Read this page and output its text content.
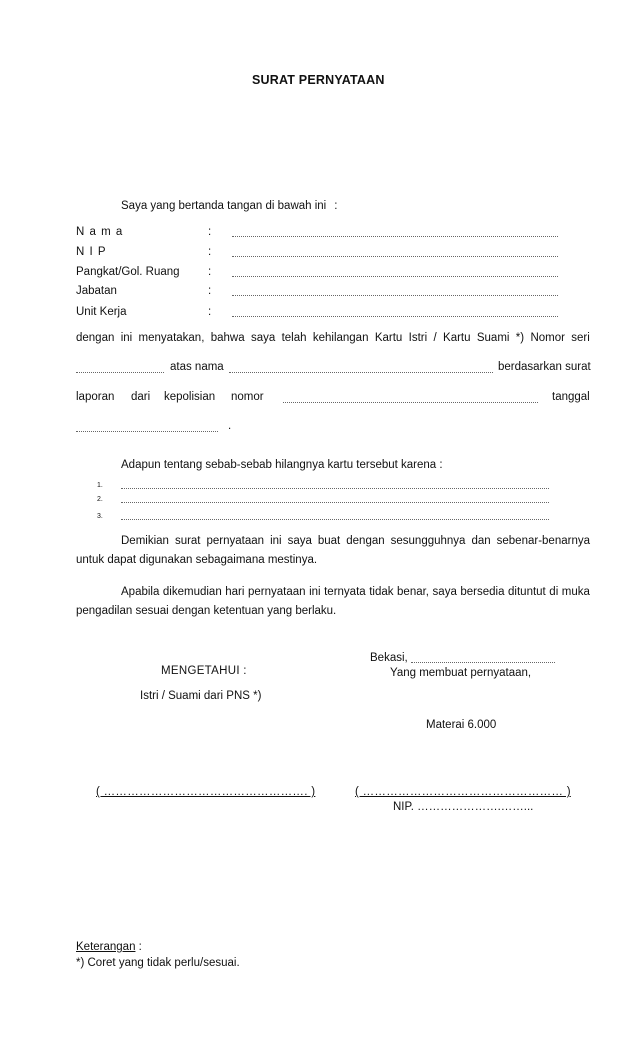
SURAT PERNYATAAN
Saya yang bertanda tangan di bawah ini :
N a m a	:
N I P	:
Pangkat/Gol. Ruang :
Jabatan	:
Unit Kerja	:
dengan ini menyatakan, bahwa saya telah kehilangan Kartu Istri / Kartu Suami *) Nomor seri
atas nama	berdasarkan surat
laporan dari kepolisian nomor	tanggal
.
Adapun tentang sebab-sebab hilangnya kartu tersebut karena :
1.
2.
3.
Demikian surat pernyataan ini saya buat dengan sesungguhnya dan sebenar-benarnya
untuk dapat digunakan sebagaimana mestinya.
Apabila dikemudian hari pernyataan ini ternyata tidak benar, saya bersedia dituntut di muka
pengadilan sesuai dengan ketentuan yang berlaku.
Bekasi,
Yang membuat pernyataan,
MENGETAHUI :
Istri / Suami dari PNS *)
Materai 6.000
( ……………………………………………. )	( …………………………………………… )
NIP. ………………….……...
Keterangan :
*) Coret yang tidak perlu/sesuai.
